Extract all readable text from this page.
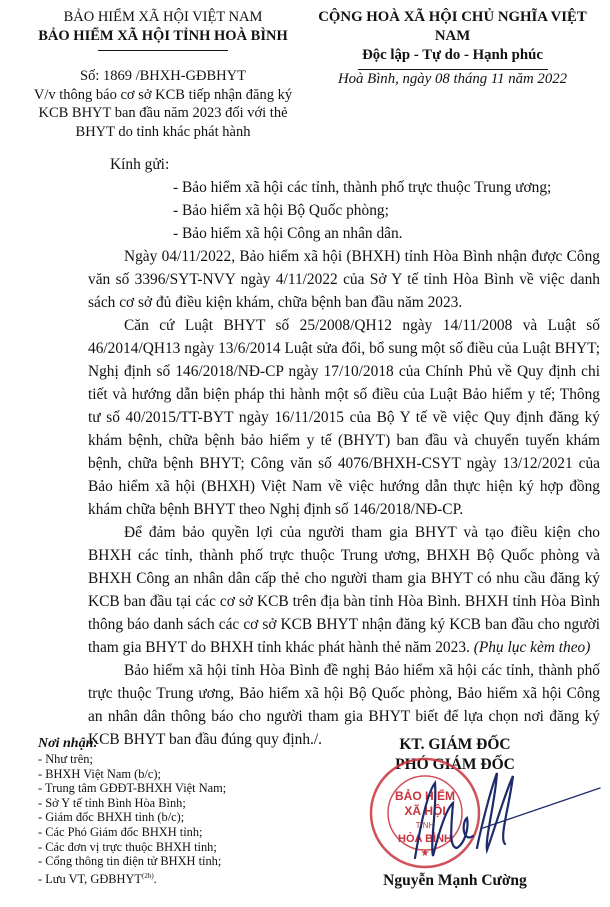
BẢO HIỂM XÃ HỘI VIỆT NAM
BẢO HIỂM XÃ HỘI TỈNH HOÀ BÌNH
CỘNG HOÀ XÃ HỘI CHỦ NGHĨA VIỆT NAM
Độc lập - Tự do - Hạnh phúc
Số: 1869 /BHXH-GĐBHYT
V/v thông báo cơ sở KCB tiếp nhận đăng ký KCB BHYT ban đầu năm 2023 đối với thẻ BHYT do tỉnh khác phát hành
Hoà Bình, ngày 08 tháng 11 năm 2022
Kính gửi:
- Bảo hiểm xã hội các tỉnh, thành phố trực thuộc Trung ương;
- Bảo hiểm xã hội Bộ Quốc phòng;
- Bảo hiểm xã hội Công an nhân dân.

Ngày 04/11/2022, Bảo hiểm xã hội (BHXH) tỉnh Hòa Bình nhận được Công văn số 3396/SYT-NVY ngày 4/11/2022 của Sở Y tế tỉnh Hòa Bình về việc danh sách cơ sở đủ điều kiện khám, chữa bệnh ban đầu năm 2023.

Căn cứ Luật BHYT số 25/2008/QH12 ngày 14/11/2008 và Luật số 46/2014/QH13 ngày 13/6/2014 Luật sửa đổi, bổ sung một số điều của Luật BHYT; Nghị định số 146/2018/NĐ-CP ngày 17/10/2018 của Chính Phủ về Quy định chi tiết và hướng dẫn biện pháp thi hành một số điều của Luật Bảo hiểm y tế; Thông tư số 40/2015/TT-BYT ngày 16/11/2015 của Bộ Y tế về việc Quy định đăng ký khám bệnh, chữa bệnh bảo hiểm y tế (BHYT) ban đầu và chuyển tuyến khám bệnh, chữa bệnh BHYT; Công văn số 4076/BHXH-CSYT ngày 13/12/2021 của Bảo hiểm xã hội (BHXH) Việt Nam về việc hướng dẫn thực hiện ký hợp đồng khám chữa bệnh BHYT theo Nghị định số 146/2018/NĐ-CP.

Để đảm bảo quyền lợi của người tham gia BHYT và tạo điều kiện cho BHXH các tỉnh, thành phố trực thuộc Trung ương, BHXH Bộ Quốc phòng và BHXH Công an nhân dân cấp thẻ cho người tham gia BHYT có nhu cầu đăng ký KCB ban đầu tại các cơ sở KCB trên địa bàn tỉnh Hòa Bình. BHXH tỉnh Hòa Bình thông báo danh sách các cơ sở KCB BHYT nhận đăng ký KCB ban đầu cho người tham gia BHYT do BHXH tỉnh khác phát hành thẻ năm 2023. (Phụ lục kèm theo)

Bảo hiểm xã hội tỉnh Hòa Bình đề nghị Bảo hiểm xã hội các tỉnh, thành phố trực thuộc Trung ương, Bảo hiểm xã hội Bộ Quốc phòng, Bảo hiểm xã hội Công an nhân dân thông báo cho người tham gia BHYT biết để lựa chọn nơi đăng ký KCB BHYT ban đầu đúng quy định./.

Nơi nhận:
- Như trên;
- BHXH Việt Nam (b/c);
- Trung tâm GĐĐT-BHXH Việt Nam;
- Sở Y tế tỉnh Bình Hòa Bình;
- Giám đốc BHXH tỉnh (b/c);
- Các Phó Giám đốc BHXH tỉnh;
- Các đơn vị trực thuộc BHXH tỉnh;
- Cổng thông tin điện tử BHXH tỉnh;
- Lưu VT, $GĐBHYT^{(2b)}$.
KT. GIÁM ĐỐC
PHÓ GIÁM ĐỐC
BẢO HIỂM
XÃ HỘI
TỈNH
HÒA BÌNH
★
Nguyễn Mạnh Cường
